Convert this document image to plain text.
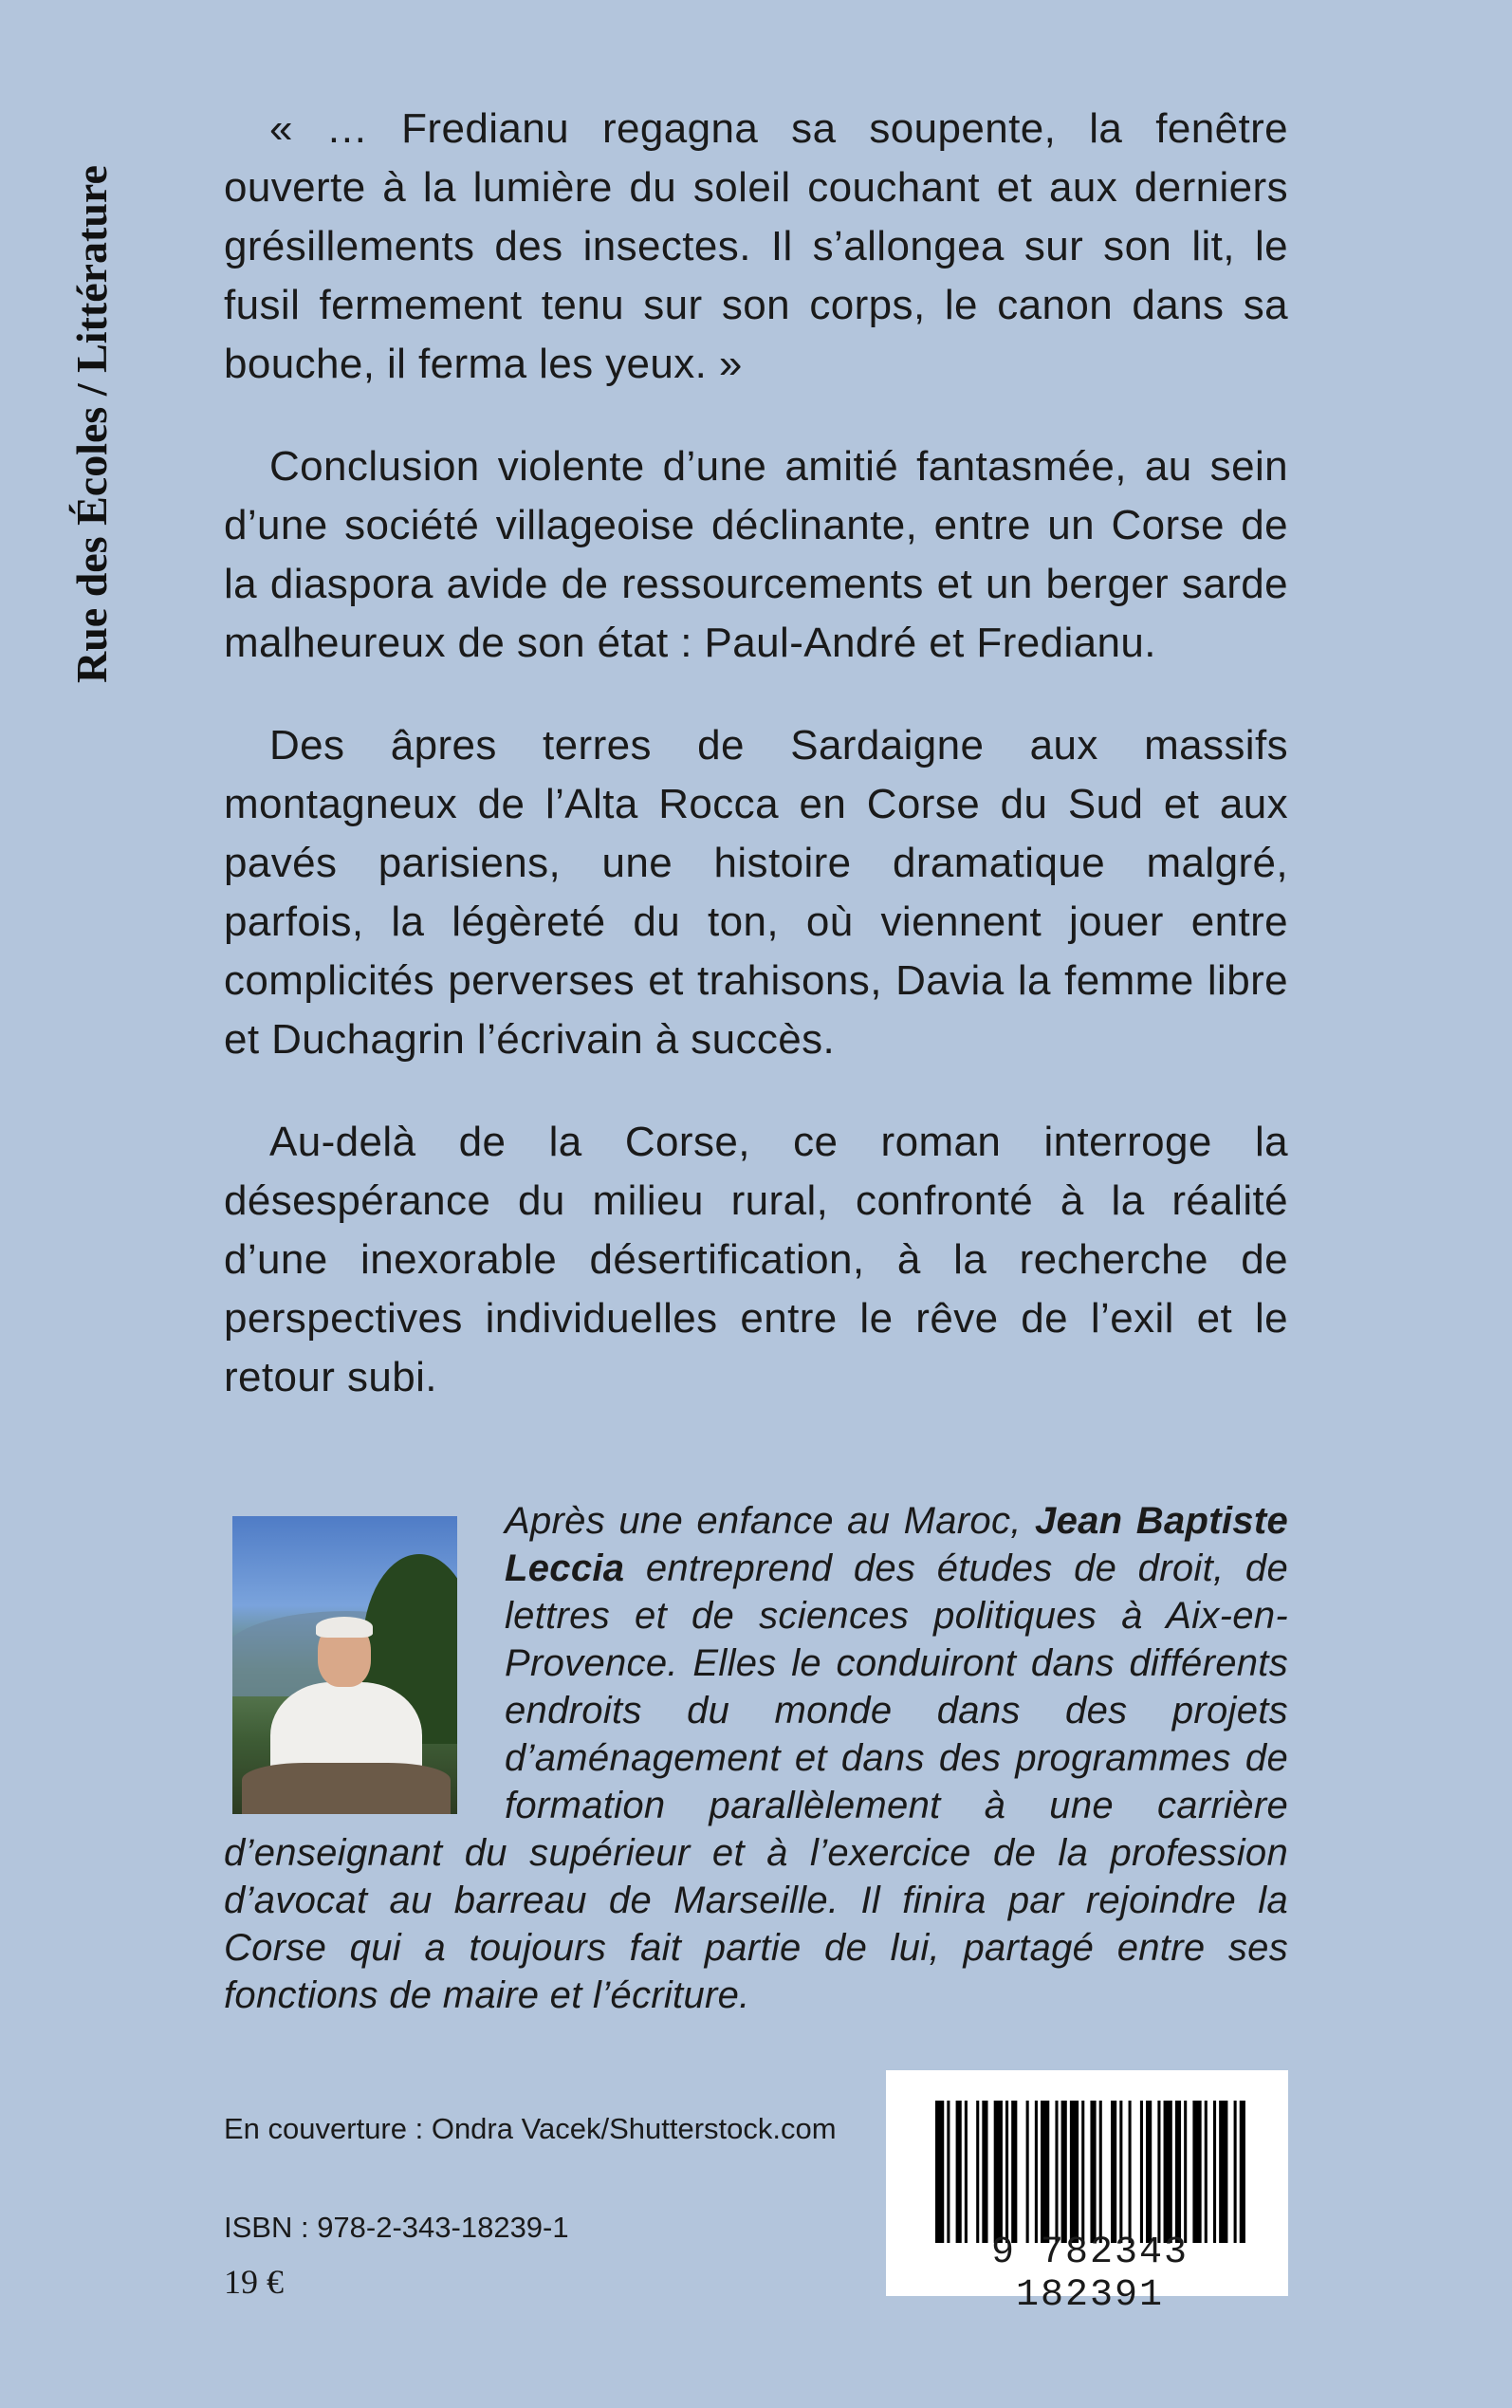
Rue des Écoles / Littérature

« … Fredianu regagna sa soupente, la fenêtre ouverte à la lumière du soleil couchant et aux derniers grésillements des insectes. Il s’allongea sur son lit, le fusil fermement tenu sur son corps, le canon dans sa bouche, il ferma les yeux. »

Conclusion violente d’une amitié fantasmée, au sein d’une société villageoise déclinante, entre un Corse de la diaspora avide de ressourcements et un berger sarde malheureux de son état : Paul-André et Fredianu.

Des âpres terres de Sardaigne aux massifs montagneux de l’Alta Rocca en Corse du Sud et aux pavés parisiens, une histoire dramatique malgré, parfois, la légèreté du ton, où viennent jouer entre complicités perverses et trahisons, Davia la femme libre et Duchagrin l’écrivain à succès.

Au-delà de la Corse, ce roman interroge la désespérance du milieu rural, confronté à la réalité d’une inexorable désertification, à la recherche de perspectives individuelles entre le rêve de l’exil et le retour subi.

Après une enfance au Maroc, Jean Baptiste Leccia entreprend des études de droit, de lettres et de sciences politiques à Aix-en-Provence. Elles le conduiront dans différents endroits du monde dans des projets d’aménagement et dans des programmes de formation parallèlement à une carrière d’enseignant du supérieur et à l’exercice de la profession d’avocat au barreau de Marseille. Il finira par rejoindre la Corse qui a toujours fait partie de lui, partagé entre ses fonctions de maire et l’écriture.

En couverture : Ondra Vacek/Shutterstock.com
ISBN : 978-2-343-18239-1
19 €
9 782343 182391
